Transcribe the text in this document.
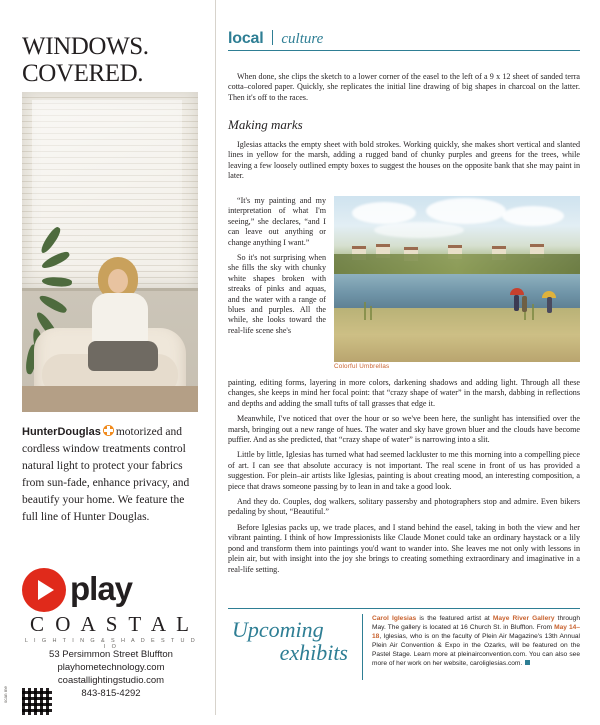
WINDOWS.
COVERED.
HunterDouglas motorized and cordless window treatments control natural light to protect your fabrics from sun-fade, enhance privacy, and beautify your home. We feature the full line of Hunter Douglas.
play
C O A S T A L
L I G H T I N G & S H A D E S T U D I O
53 Persimmon Street Bluffton
playhometechnology.com
coastallightingstudio.com
843-815-4292
scan me
local culture

When done, she clips the sketch to a lower corner of the easel to the left of a 9 x 12 sheet of sanded terra cotta–colored paper. Quickly, she replicates the initial line drawing of big shapes in charcoal on the latter. Then it's off to the races.

Making marks

Iglesias attacks the empty sheet with bold strokes. Working quickly, she makes short vertical and slanted lines in yellow for the marsh, adding a rugged band of chunky purples and greens for the trees, while leaving a few loosely outlined empty boxes to suggest the houses on the opposite bank that she may paint in later.

“It's my painting and my interpretation of what I'm seeing,” she declares, “and I can leave out anything or change anything I want.”

So it's not surprising when she fills the sky with chunky white shapes broken with streaks of pinks and aquas, and the water with a range of blues and purples. All the while, she looks toward the real-life scene she's

Colorful Umbrellas

painting, editing forms, layering in more colors, darkening shadows and adding light. Through all these changes, she keeps in mind her focal point: that “crazy shape of water” in the marsh, dabbing in reflections and depths and adding the small tufts of tall grasses that edge it.

Meanwhile, I've noticed that over the hour or so we've been here, the sunlight has intensified over the marsh, bringing out a new range of hues. The water and sky have grown bluer and the clouds have become puffier. And as she predicted, that “crazy shape of water” is narrowing into a slit.

Little by little, Iglesias has turned what had seemed lackluster to me this morning into a compelling piece of art. I can see that absolute accuracy is not important. The real scene in front of us has provided a suggestion. For plein–air artists like Iglesias, painting is about creating mood, an interesting composition, a piece that draws someone passing by to lean in and take a good look.

And they do. Couples, dog walkers, solitary passersby and photographers stop and admire. Even bikers pedaling by shout, “Beautiful.”

Before Iglesias packs up, we trade places, and I stand behind the easel, taking in both the view and her vibrant painting. I think of how Impressionists like Claude Monet could take an ordinary haystack or a lily pond and transform them into paintings you'd want to wander into. She leaves me not only with lessons in plein air, but with insight into the joy she brings to creating something extraordinary and imaginative in a real-life setting.

Upcoming
exhibits
Carol Iglesias is the featured artist at Maye River Gallery through May. The gallery is located at 16 Church St. in Bluffton. From May 14–18, Iglesias, who is on the faculty of Plein Air Magazine's 13th Annual Plein Air Convention & Expo in the Ozarks, will be featured on the Pastel Stage. Learn more at pleinairconvention.com. You can also see more of her work on her website, caroliglesias.com.
